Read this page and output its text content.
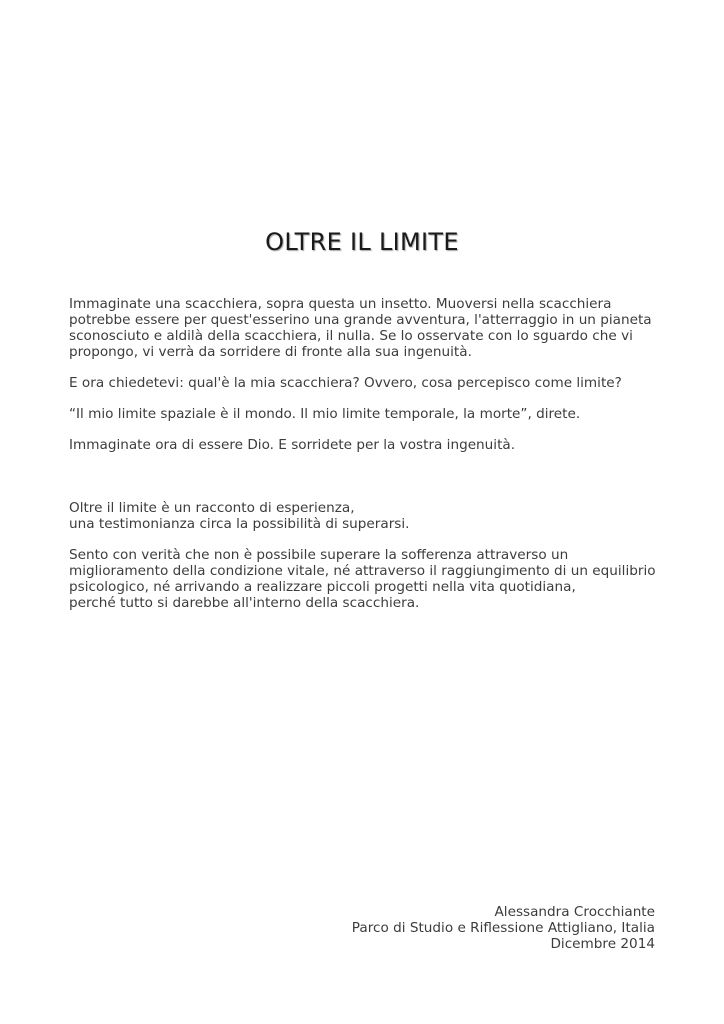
OLTRE IL LIMITE

Immaginate una scacchiera, sopra questa un insetto. Muoversi nella scacchiera
potrebbe essere per quest'esserino una grande avventura, l'atterraggio in un pianeta
sconosciuto e aldilà della scacchiera, il nulla. Se lo osservate con lo sguardo che vi
propongo, vi verrà da sorridere di fronte alla sua ingenuità.

E ora chiedetevi: qual'è la mia scacchiera? Ovvero, cosa percepisco come limite?

“Il mio limite spaziale è il mondo. Il mio limite temporale, la morte”, direte.

Immaginate ora di essere Dio. E sorridete per la vostra ingenuità.

Oltre il limite è un racconto di esperienza,
una testimonianza circa la possibilità di superarsi.

Sento con verità che non è possibile superare la sofferenza attraverso un
miglioramento della condizione vitale, né attraverso il raggiungimento di un equilibrio
psicologico, né arrivando a realizzare piccoli progetti nella vita quotidiana,
perché tutto si darebbe all'interno della scacchiera.

Alessandra Crocchiante
Parco di Studio e Riflessione Attigliano, Italia
Dicembre 2014
